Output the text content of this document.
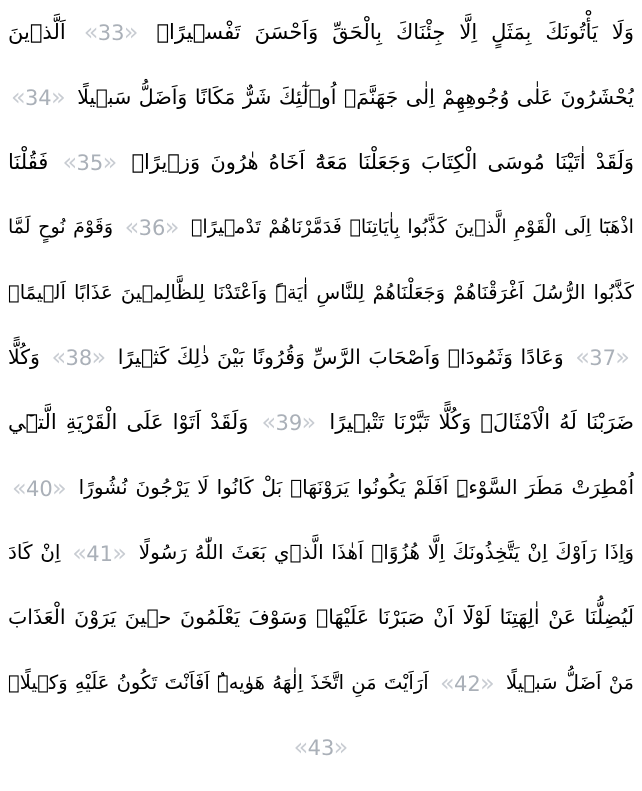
وَلَا يَأْتُونَكَ بِمَثَلٍ اِلَّا جِئْنَاكَ بِالْحَقِّ وَاَحْسَنَ تَفْس۪يرًاۜ « 33 » اَلَّذ۪ينَ
يُحْشَرُونَ عَلٰى وُجُوهِهِمْ اِلٰى جَهَنَّمَۙ اُو۬لٰٓئِكَ شَرٌّ مَكَانًا وَاَضَلُّ سَب۪يلًا « 34 »
وَلَقَدْ اٰتَيْنَا مُوسَى الْكِتَابَ وَجَعَلْنَا مَعَهُٓ اَخَاهُ هٰرُونَ وَز۪يرًاۚ « 35 » فَقُلْنَا
اذْهَبَٓا اِلَى الْقَوْمِ الَّذ۪ينَ كَذَّبُوا بِاٰيَاتِنَاۜ فَدَمَّرْنَاهُمْ تَدْم۪يرًاۜ « 36 » وَقَوْمَ نُوحٍ لَمَّا
كَذَّبُوا الرُّسُلَ اَغْرَقْنَاهُمْ وَجَعَلْنَاهُمْ لِلنَّاسِ اٰيَةًۜ وَاَعْتَدْنَا لِلظَّالِم۪ينَ عَذَابًا اَل۪يمًاۚ
« 37 » وَعَادًا وَثَمُودَا۬ وَاَصْحَابَ الرَّسِّ وَقُرُونًا بَيْنَ ذٰلِكَ كَث۪يرًا « 38 » وَكُلًّا
ضَرَبْنَا لَهُ الْاَمْثَالَۘ وَكُلًّا تَبَّرْنَا تَتْب۪يرًا « 39 » وَلَقَدْ اَتَوْا عَلَى الْقَرْيَةِ الَّت۪ٓي
اُمْطِرَتْ مَطَرَ السَّوْءِۜ اَفَلَمْ يَكُونُوا يَرَوْنَهَاۚ بَلْ كَانُوا لَا يَرْجُونَ نُشُورًا « 40 »
وَاِذَا رَاَوْكَ اِنْ يَتَّخِذُونَكَ اِلَّا هُزُوًاۜ اَهٰذَا الَّذ۪ي بَعَثَ اللّٰهُ رَسُولًا « 41 » اِنْ كَادَ
لَيُضِلُّنَا عَنْ اٰلِهَتِنَا لَوْلَٓا اَنْ صَبَرْنَا عَلَيْهَاۜ وَسَوْفَ يَعْلَمُونَ ح۪ينَ يَرَوْنَ الْعَذَابَ
مَنْ اَضَلُّ سَب۪يلًا « 42 » اَرَاَيْتَ مَنِ اتَّخَذَ اِلٰهَهُ هَوٰيهُۜ اَفَاَنْتَ تَكُونُ عَلَيْهِ وَك۪يلًاۙ
« 43 »
